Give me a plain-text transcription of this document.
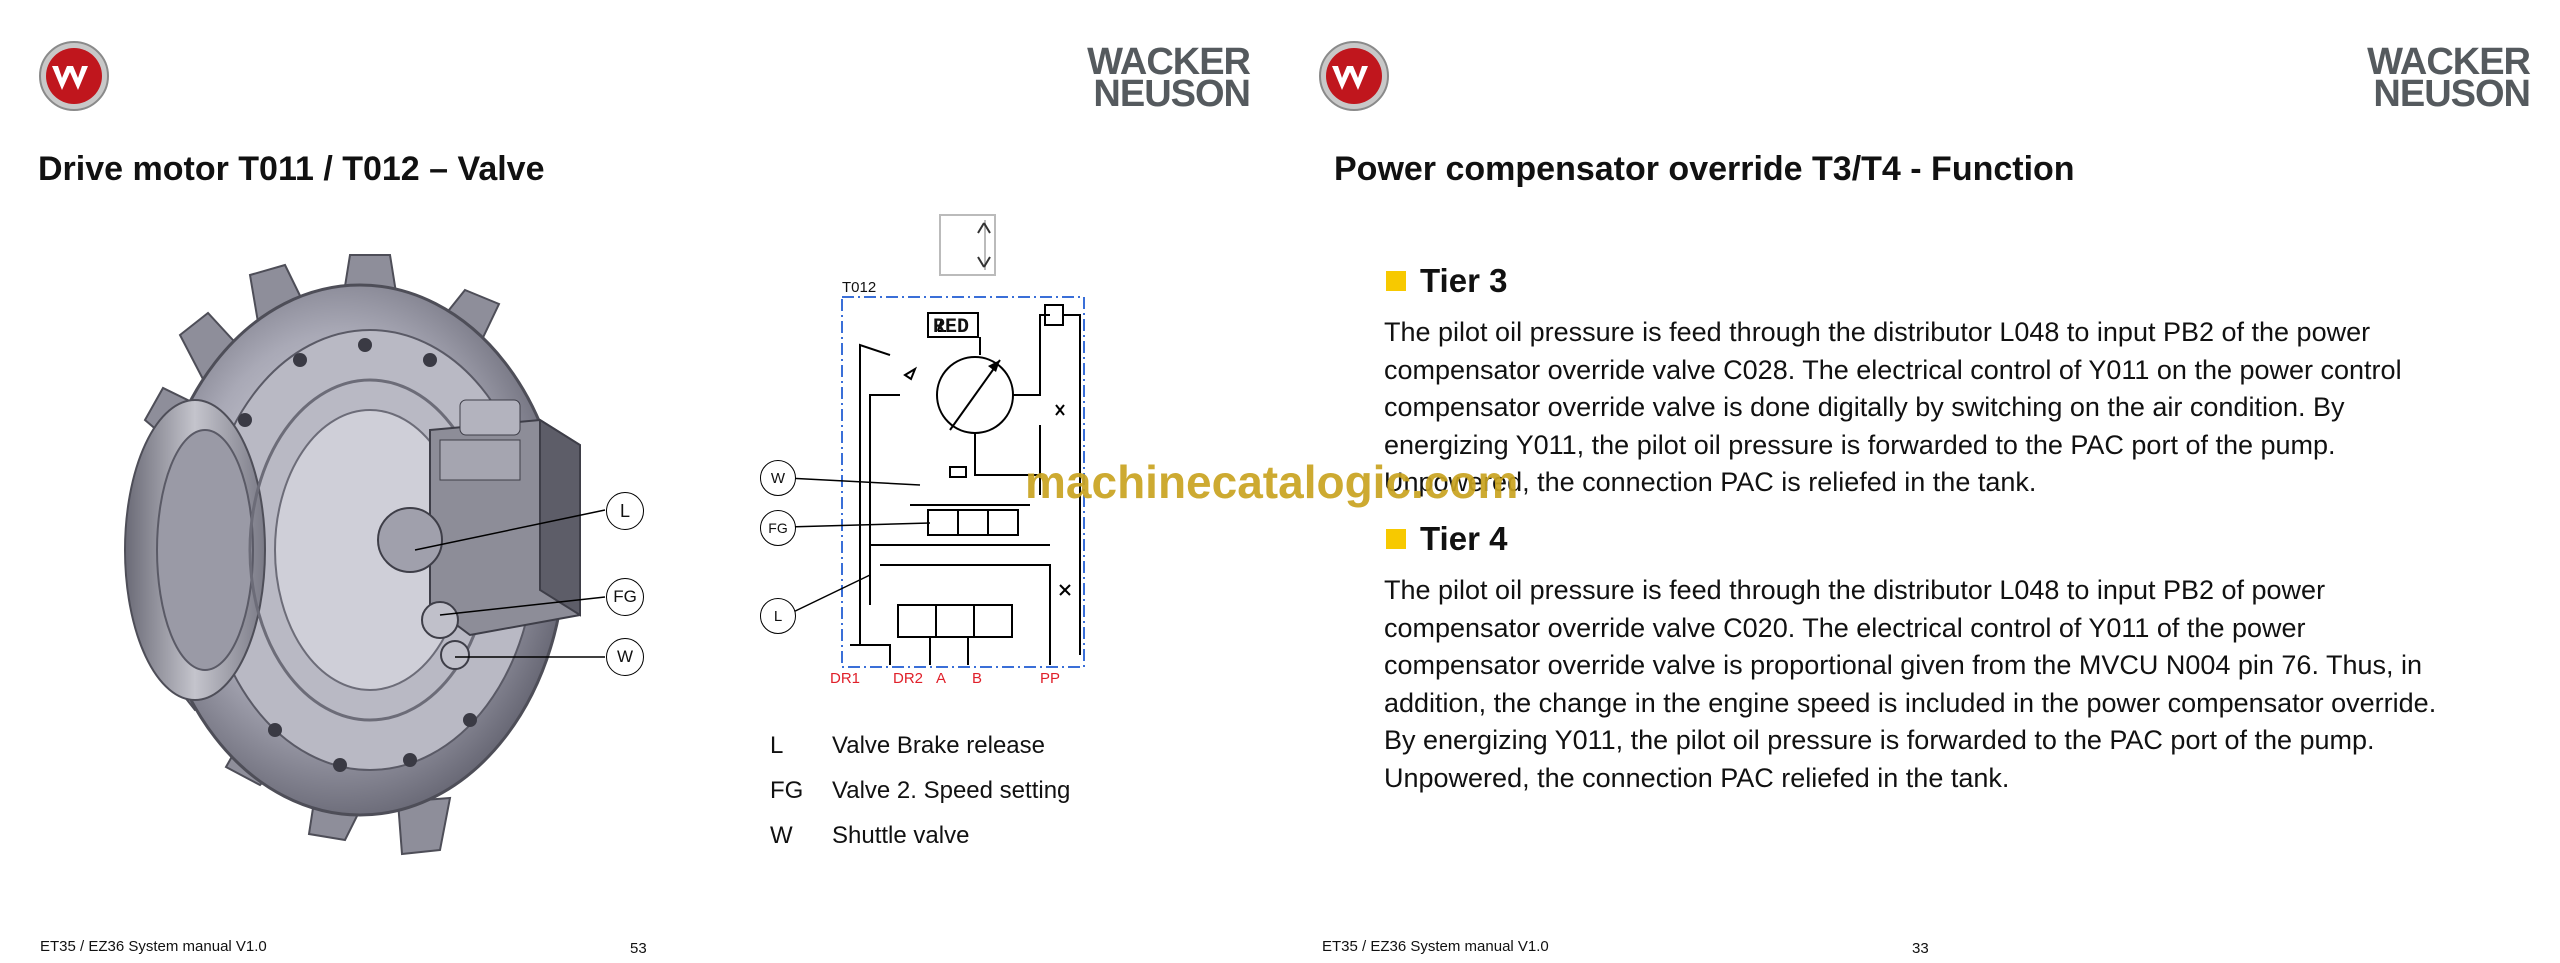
WACKER
NEUSON
Drive motor T011 / T012 – Valve
L
FG
W
T012
RED
DR1 DR2 A B	PP
W
FG
L
L	Valve Brake release
FG	Valve 2. Speed setting
W	Shuttle valve
ET35 / EZ36 System manual V1.0	53
WACKER
NEUSON
Power compensator override T3/T4 - Function
ET35 / EZ36 System manual V1.0	33
Tier 3
The pilot oil pressure is feed through the distributor L048 to input PB2 of the power
compensator override valve C028. The electrical control of Y011 on the power control
compensator override valve is done digitally by switching on the air condition. By
energizing Y011, the pilot oil pressure is forwarded to the PAC port of the pump.
Unpowered, the connection PAC is reliefed in the tank.
Tier 4
The pilot oil pressure is feed through the distributor L048 to input PB2 of power
compensator override valve C020. The electrical control of Y011 of the power
compensator override valve is proportional given from the MVCU N004 pin 76. Thus, in
addition, the change in the engine speed is included in the power compensator override.
By energizing Y011, the pilot oil pressure is forwarded to the PAC port of the pump.
Unpowered, the connection PAC reliefed in the tank.
machinecatalogic.com
